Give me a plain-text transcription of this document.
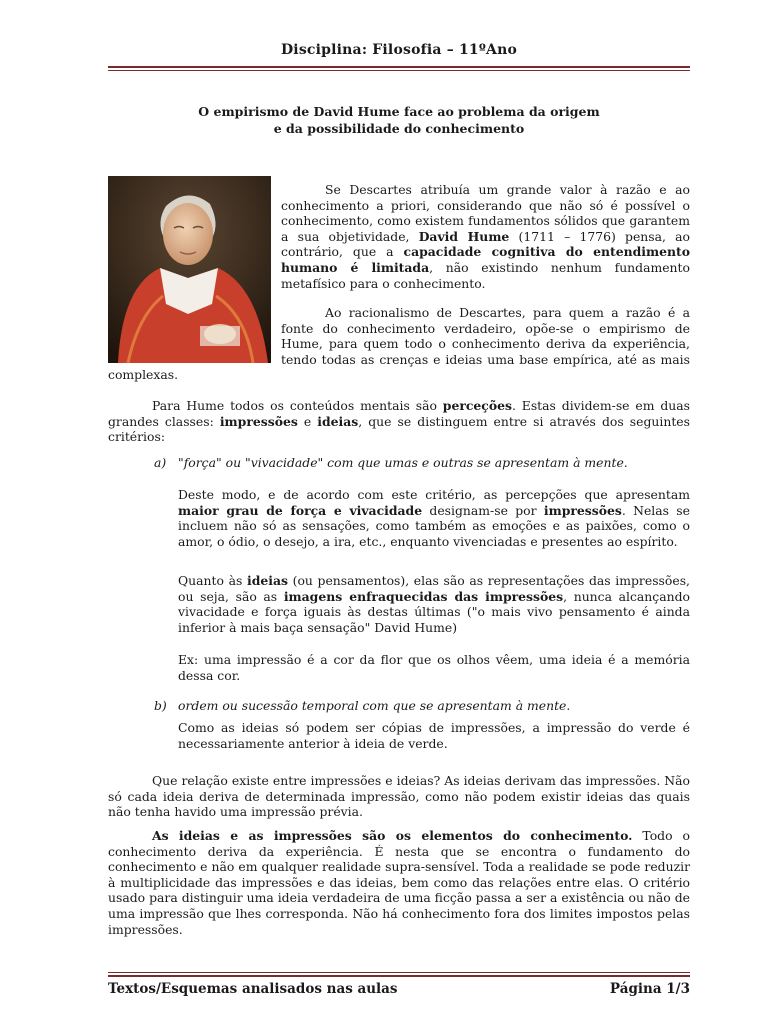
Disciplina: Filosofia – 11ºAno
O empirismo de David Hume face ao problema da origem
e da possibilidade do conhecimento
Se Descartes atribuía um grande valor à razão e ao conhecimento a priori, considerando que não só é possível o conhecimento, como existem fundamentos sólidos que garantem a sua objetividade, David Hume (1711 – 1776) pensa, ao contrário, que a capacidade cognitiva do entendimento humano é limitada, não existindo nenhum fundamento metafísico para o conhecimento.
Ao racionalismo de Descartes, para quem a razão é a fonte do conhecimento verdadeiro, opõe-se o empirismo de Hume, para quem todo o conhecimento deriva da experiência, tendo todas as crenças e ideias uma base empírica, até as mais complexas.
Para Hume todos os conteúdos mentais são perceções. Estas dividem-se em duas grandes classes: impressões e ideias, que se distinguem entre si através dos seguintes critérios:
a) "força" ou "vivacidade" com que umas e outras se apresentam à mente.
Deste modo, e de acordo com este critério, as percepções que apresentam maior grau de força e vivacidade designam-se por impressões. Nelas se incluem não só as sensações, como também as emoções e as paixões, como o amor, o ódio, o desejo, a ira, etc., enquanto vivenciadas e presentes ao espírito.
Quanto às ideias (ou pensamentos), elas são as representações das impressões, ou seja, são as imagens enfraquecidas das impressões, nunca alcançando vivacidade e força iguais às destas últimas ("o mais vivo pensamento é ainda inferior à mais baça sensação" David Hume)
Ex: uma impressão é a cor da flor que os olhos vêem, uma ideia é a memória dessa cor.
b) ordem ou sucessão temporal com que se apresentam à mente.
Como as ideias só podem ser cópias de impressões, a impressão do verde é necessariamente anterior à ideia de verde.
Que relação existe entre impressões e ideias? As ideias derivam das impressões. Não só cada ideia deriva de determinada impressão, como não podem existir ideias das quais não tenha havido uma impressão prévia.
As ideias e as impressões são os elementos do conhecimento. Todo o conhecimento deriva da experiência. É nesta que se encontra o fundamento do conhecimento e não em qualquer realidade supra-sensível. Toda a realidade se pode reduzir à multiplicidade das impressões e das ideias, bem como das relações entre elas. O critério usado para distinguir uma ideia verdadeira de uma ficção passa a ser a existência ou não de uma impressão que lhes corresponda. Não há conhecimento fora dos limites impostos pelas impressões.
Textos/Esquemas analisados nas aulas	Página 1/3
